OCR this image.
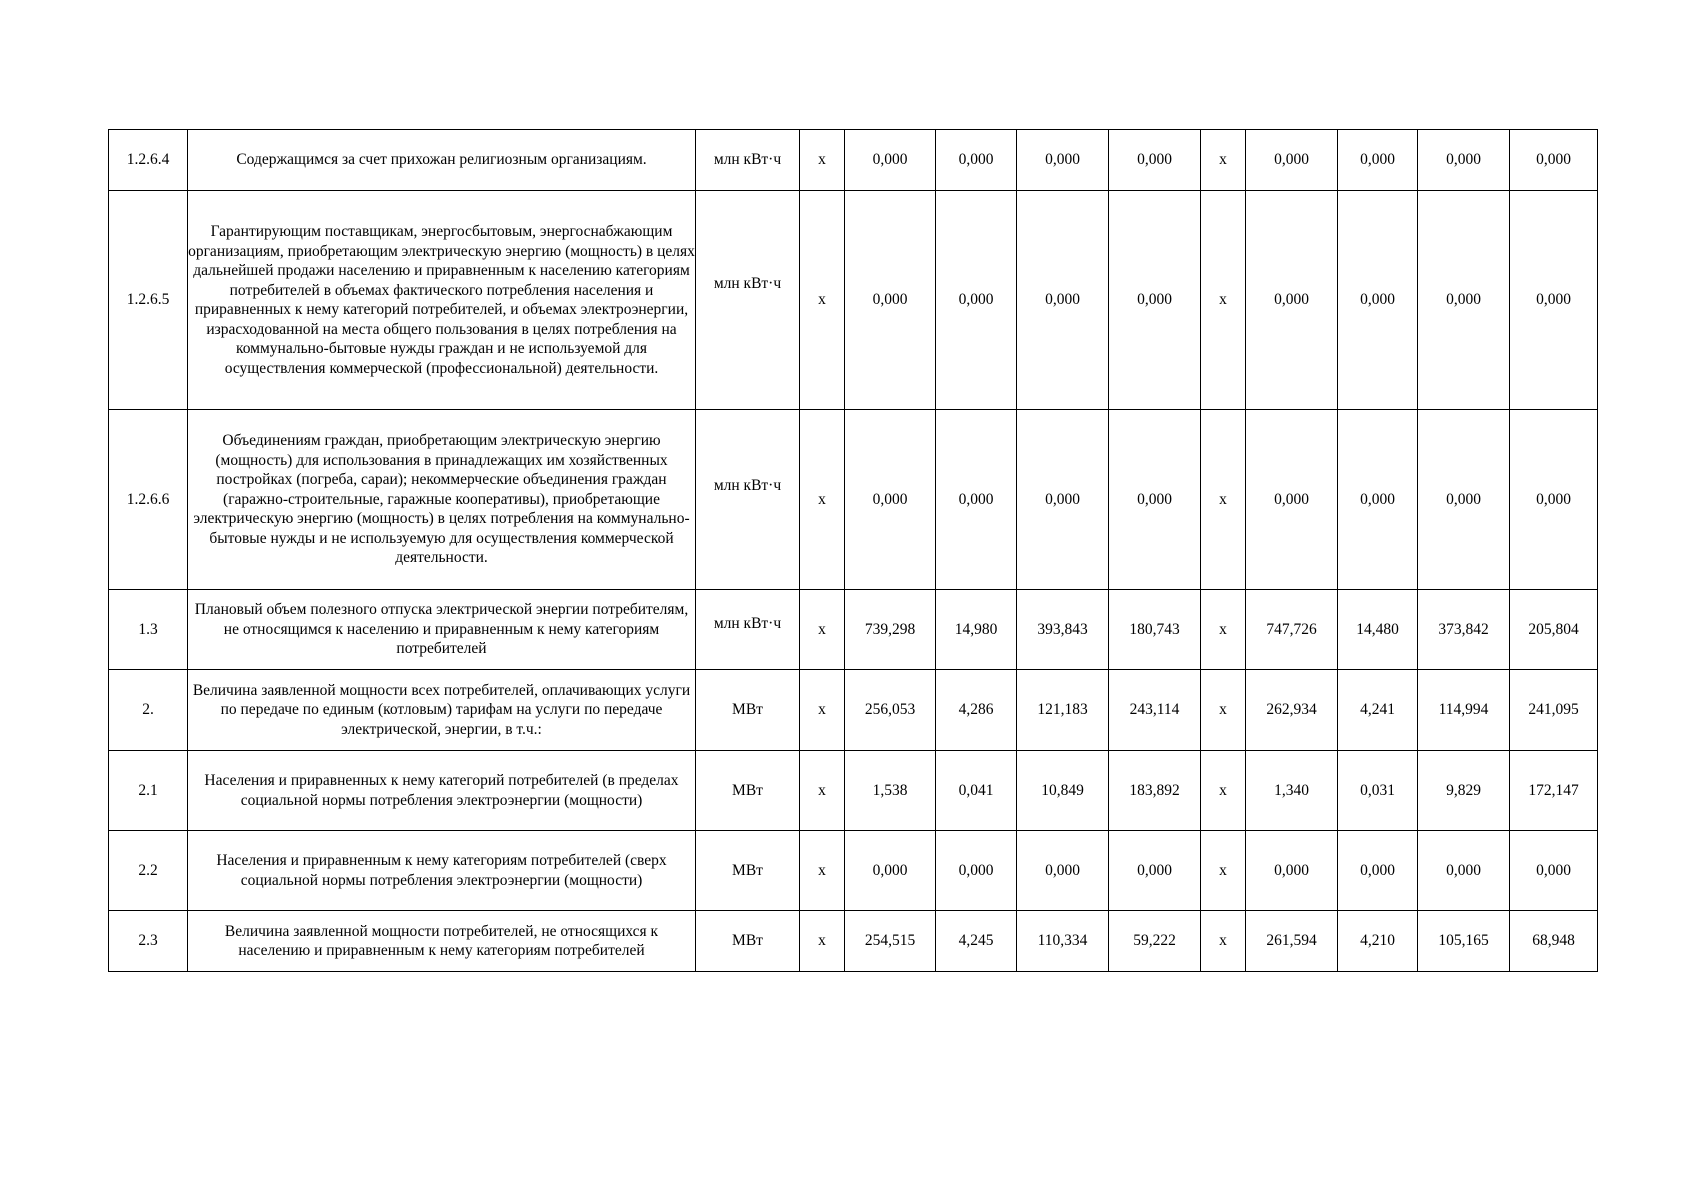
1.2.6.4	Содержащимся за счет прихожан религиозным организациям.	млн кВт·ч	х	0,000	0,000	0,000	0,000	х	0,000	0,000	0,000	0,000
1.2.6.5	Гарантирующим поставщикам, энергосбытовым, энергоснабжающим организациям, приобретающим электрическую энергию (мощность) в целях дальнейшей продажи населению и приравненным к населению категориям потребителей в объемах фактического потребления населения и приравненных к нему категорий потребителей, и объемах электроэнергии, израсходованной на места общего пользования в целях потребления на коммунально-бытовые нужды граждан и не используемой для осуществления коммерческой (профессиональной) деятельности.	млн кВт·ч	х	0,000	0,000	0,000	0,000	х	0,000	0,000	0,000	0,000
1.2.6.6	Объединениям граждан, приобретающим электрическую энергию (мощность) для использования в принадлежащих им хозяйственных постройках (погреба, сараи); некоммерческие объединения граждан (гаражно-строительные, гаражные кооперативы), приобретающие электрическую энергию (мощность) в целях потребления на коммунально-бытовые нужды и не используемую для осуществления коммерческой деятельности.	млн кВт·ч	х	0,000	0,000	0,000	0,000	х	0,000	0,000	0,000	0,000
1.3	Плановый объем полезного отпуска электрической энергии потребителям, не относящимся к населению и приравненным к нему категориям потребителей	млн кВт·ч	х	739,298	14,980	393,843	180,743	х	747,726	14,480	373,842	205,804
2.	Величина заявленной мощности всех потребителей, оплачивающих услуги по передаче по единым (котловым) тарифам на услуги по передаче электрической, энергии, в т.ч.:	МВт	х	256,053	4,286	121,183	243,114	х	262,934	4,241	114,994	241,095
2.1	Населения и приравненных к нему категорий потребителей (в пределах социальной нормы потребления электроэнергии (мощности)	МВт	х	1,538	0,041	10,849	183,892	х	1,340	0,031	9,829	172,147
2.2	Населения и приравненным к нему категориям потребителей (сверх социальной нормы потребления электроэнергии (мощности)	МВт	х	0,000	0,000	0,000	0,000	х	0,000	0,000	0,000	0,000
2.3	Величина заявленной мощности потребителей, не относящихся к населению и приравненным к нему категориям потребителей	МВт	х	254,515	4,245	110,334	59,222	х	261,594	4,210	105,165	68,948
